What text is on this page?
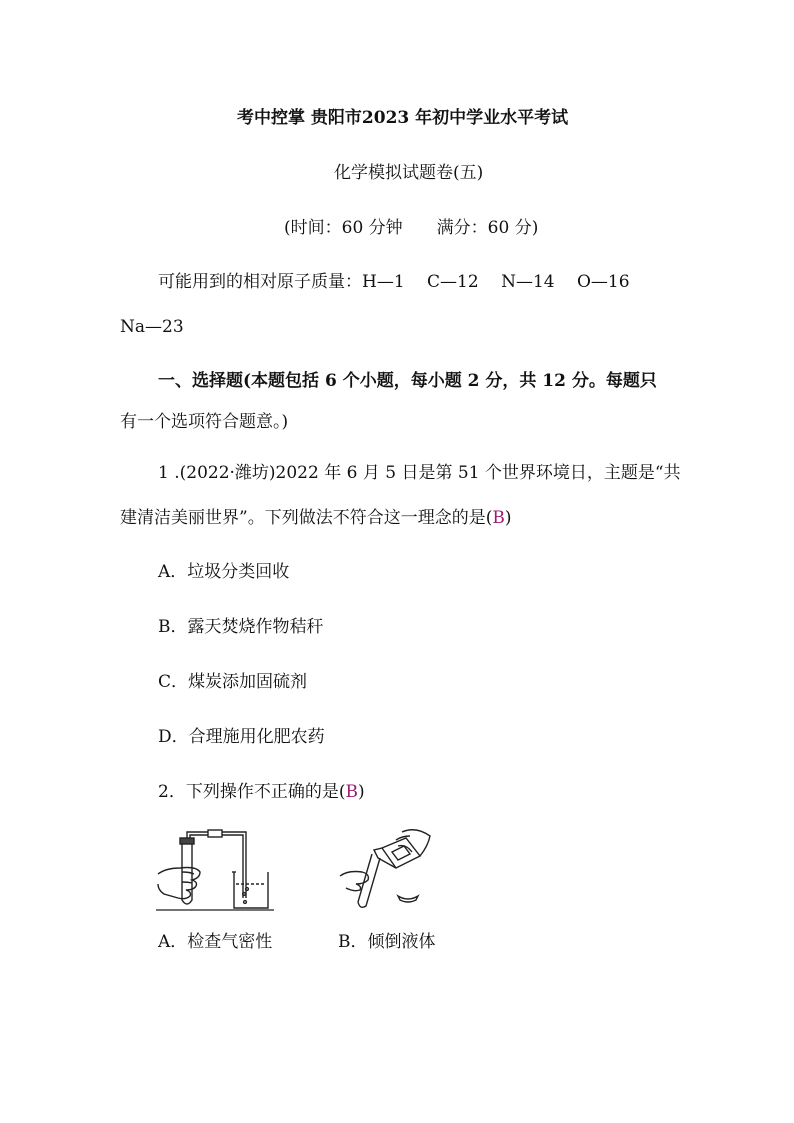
考中控掌 贵阳市2023 年初中学业水平考试
化学模拟试题卷(五)
(时间：60 分钟　　满分：60 分)
可能用到的相对原子质量：H—1　 C—12　 N—14　 O—16
Na—23
一、选择题(本题包括 6 个小题，每小题 2 分，共 12 分。每题只
有一个选项符合题意。)
1 .(2022·潍坊)2022 年 6 月 5 日是第 51 个世界环境日，主题是“共
建清洁美丽世界”。下列做法不符合这一理念的是(B)
A．垃圾分类回收
B．露天焚烧作物秸秆
C．煤炭添加固硫剂
D．合理施用化肥农药
2．下列操作不正确的是(B)
A．检查气密性	B．倾倒液体
